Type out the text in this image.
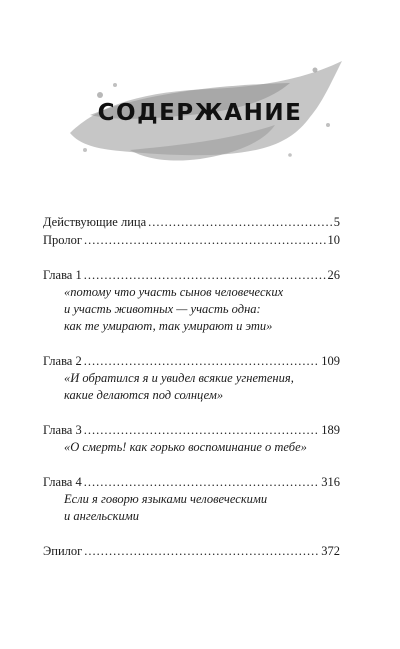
СОДЕРЖАНИЕ
Действующие лица .....	5
Пролог .....	10
Глава 1 .....	26
«потому что участь сынов человеческих
и участь животных — участь одна:
как те умирают, так умирают и эти»
Глава 2 .....	109
«И обратился я и увидел всякие угнетения,
какие делаются под солнцем»
Глава 3 .....	189
«О смерть! как горько воспоминание о тебе»
Глава 4 .....	316
Если я говорю языками человеческими
и ангельскими
Эпилог .....	372
